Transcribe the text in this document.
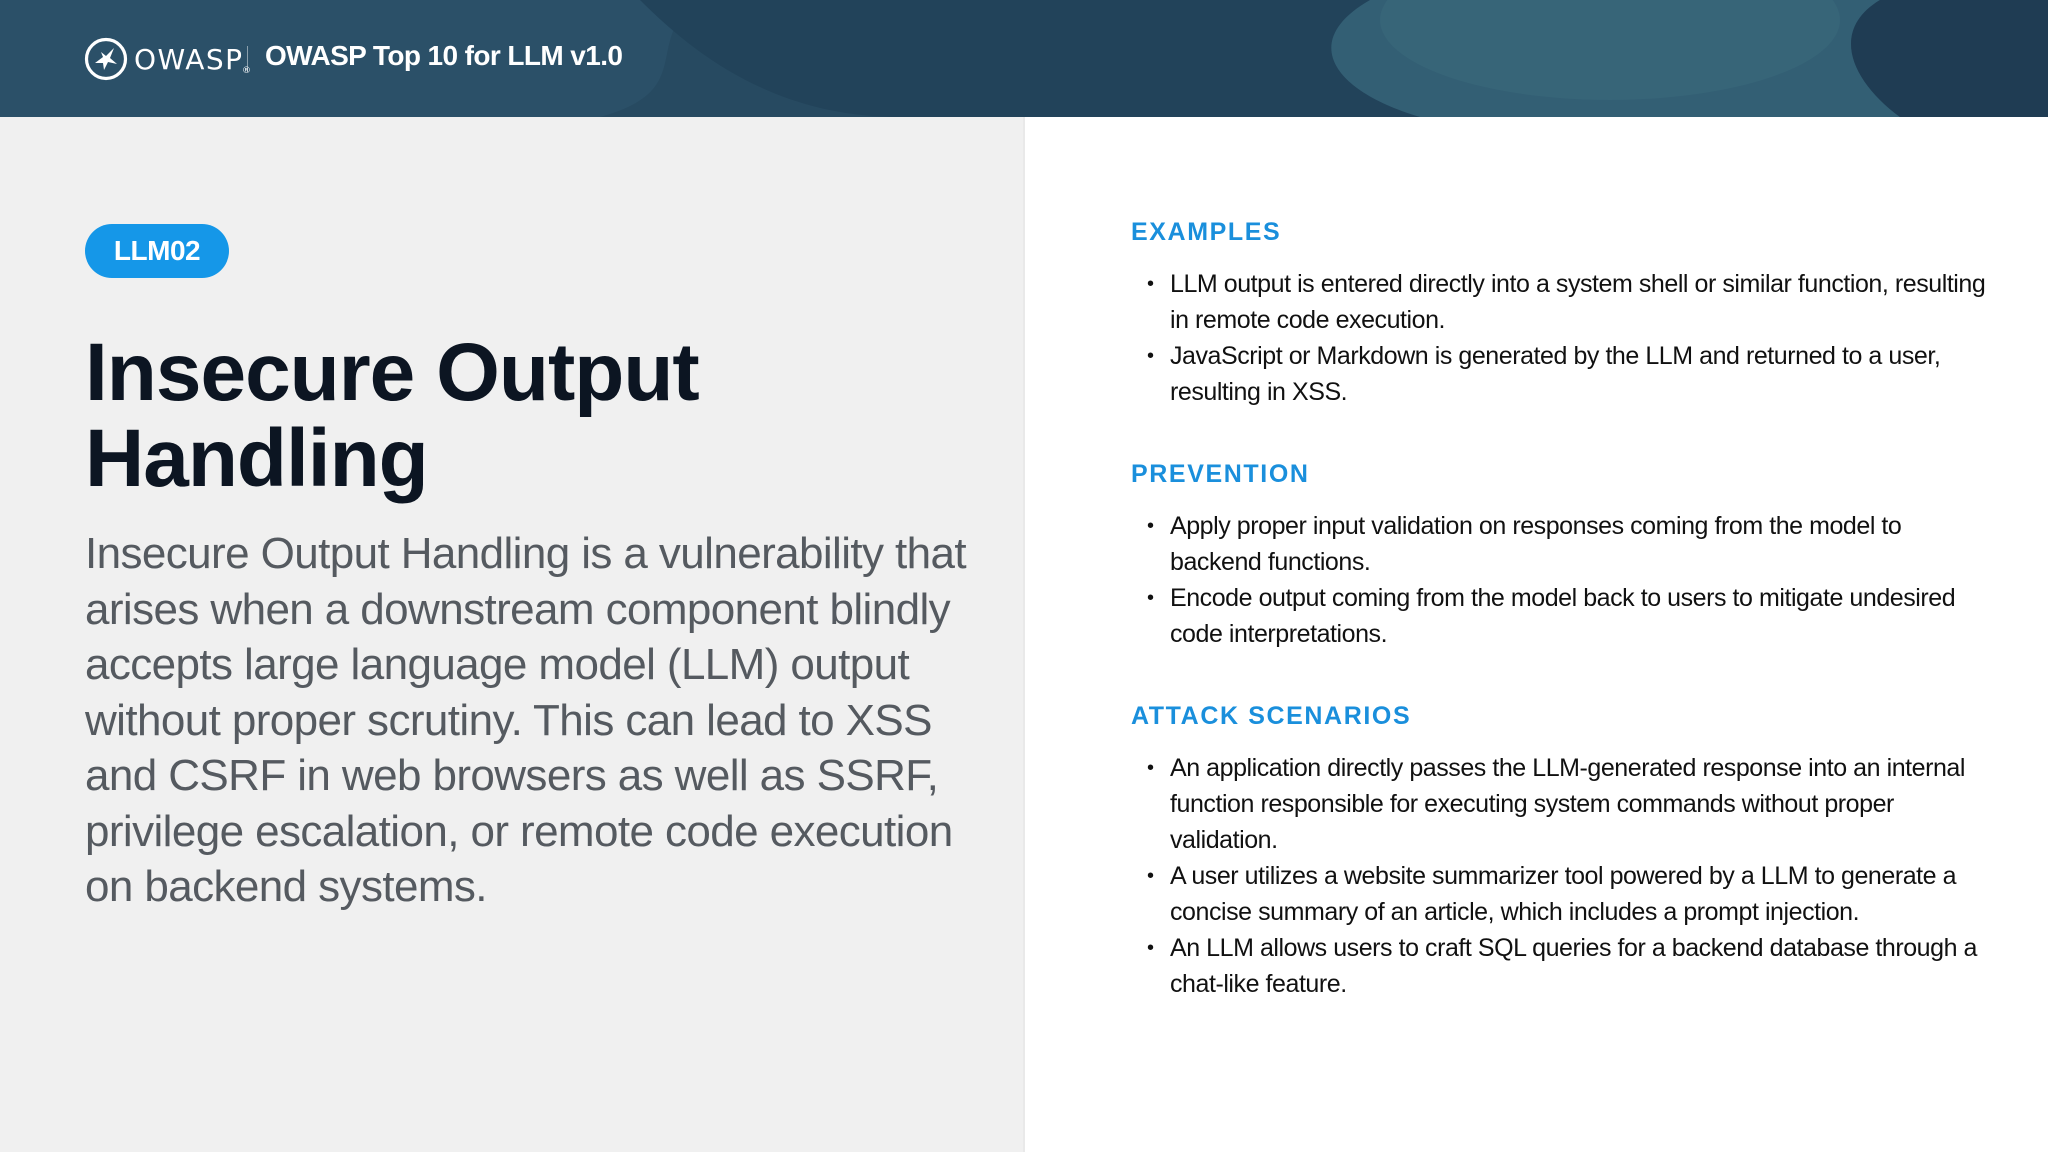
OWASP
® OWASP Top 10 for LLM v1.0
LLM02
Insecure Output Handling

Insecure Output Handling is a vulnerability that arises when a downstream component blindly accepts large language model (LLM) output without proper scrutiny. This can lead to XSS and CSRF in web browsers as well as SSRF, privilege escalation, or remote code execution on backend systems.

EXAMPLES
• LLM output is entered directly into a system shell or similar function, resulting in remote code execution.
• JavaScript or Markdown is generated by the LLM and returned to a user, resulting in XSS.
PREVENTION
• Apply proper input validation on responses coming from the model to backend functions.
• Encode output coming from the model back to users to mitigate undesired code interpretations.
ATTACK SCENARIOS
• An application directly passes the LLM-generated response into an internal function responsible for executing system commands without proper validation.
• A user utilizes a website summarizer tool powered by a LLM to generate a concise summary of an article, which includes a prompt injection.
• An LLM allows users to craft SQL queries for a backend database through a chat-like feature.
